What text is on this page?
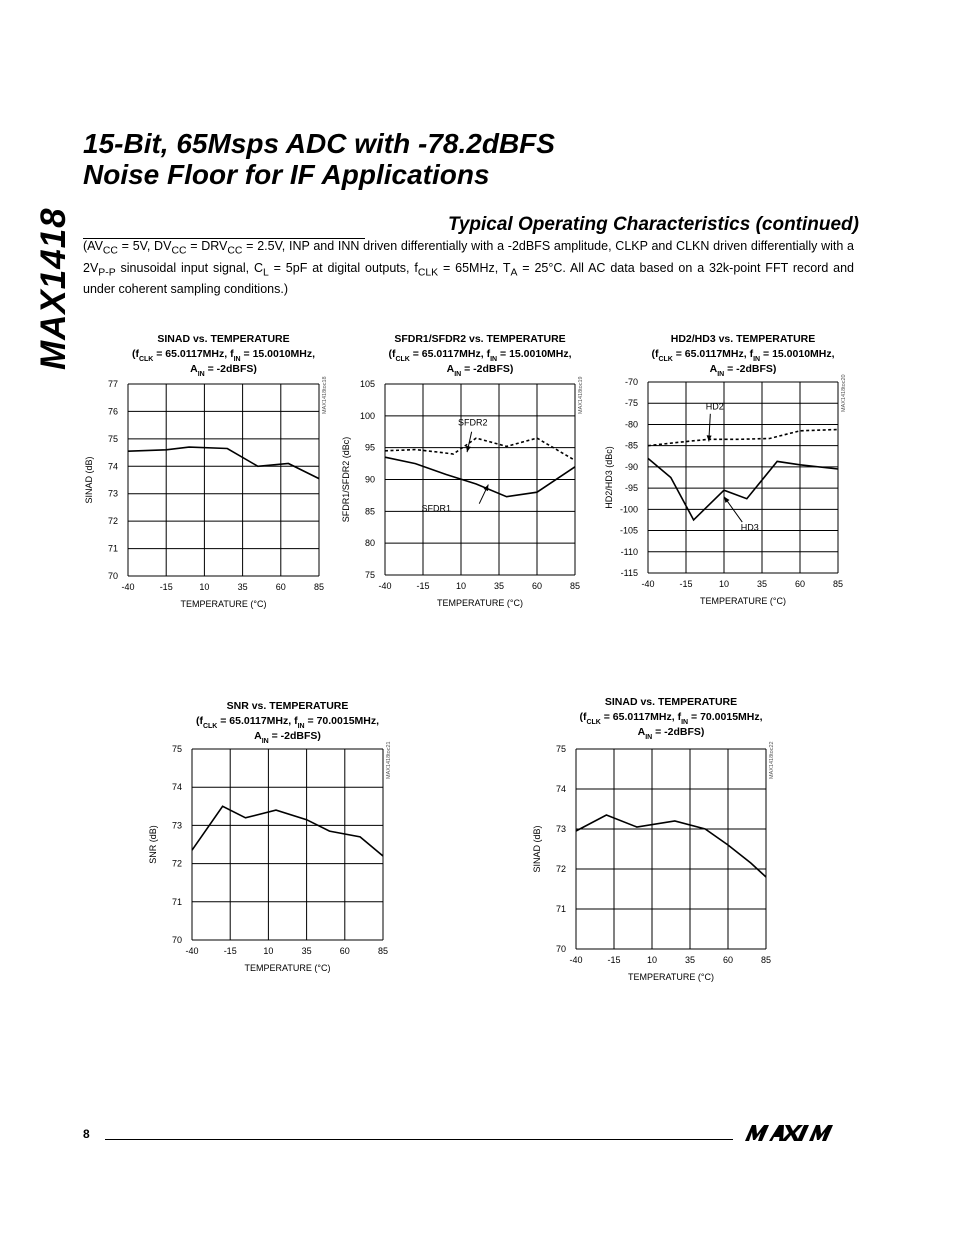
MAX1418
15-Bit, 65Msps ADC with -78.2dBFS
Noise Floor for IF Applications
Typical Operating Characteristics (continued)
($AV_{CC} = 5V$, $DV_{CC} = DRV_{CC} = 2.5V$, INP and INN driven differentially with a -2dBFS amplitude, CLKP and CLKN driven differentially with a $2V_{P-P}$ sinusoidal input signal, $C_L = 5pF$ at digital outputs, $f_{CLK} = 65MHz$, $T_A = 25^\circ C$. All AC data based on a 32k-point FFT record and under coherent sampling conditions.)
SINAD vs. TEMPERATURE
($f_{CLK} = 65.0117MHz$, $f_{IN} = 15.0010MHz$,
$A_{IN}$ = -2dBFS)
-40	-15	10	35	60	85
70
71
72
73
74
75
76
77
TEMPERATURE (°C)
SINAD (dB)
MAX1418toc18
SFDR1/SFDR2 vs. TEMPERATURE
($f_{CLK} = 65.0117MHz$, $f_{IN} = 15.0010MHz$,
$A_{IN}$ = -2dBFS)
-40	-15	10	35	60	85
75
80
85
90
95
100
105
TEMPERATURE (°C)
SFDR1/SFDR2 (dBc)
MAX1418toc19
SFDR2
SFDR1
HD2/HD3 vs. TEMPERATURE
($f_{CLK} = 65.0117MHz$, $f_{IN} = 15.0010MHz$,
$A_{IN}$ = -2dBFS)
-40	-15	10	35	60	85
-115
-110
-105
-100
-95
-90
-85
-80
-75
-70
TEMPERATURE (°C)
HD2/HD3 (dBc)
MAX1418toc20
HD2
HD3
SNR vs. TEMPERATURE
($f_{CLK} = 65.0117MHz$, $f_{IN} = 70.0015MHz$,
$A_{IN}$ = -2dBFS)
-40	-15	10	35	60	85
70
71
72
73
74
75
TEMPERATURE (°C)
SNR (dB)
MAX1418toc21
SINAD vs. TEMPERATURE
($f_{CLK} = 65.0117MHz$, $f_{IN} = 70.0015MHz$,
$A_{IN}$ = -2dBFS)
-40	-15	10	35	60	85
70
71
72
73
74
75
TEMPERATURE (°C)
SINAD (dB)
MAX1418toc22
8
